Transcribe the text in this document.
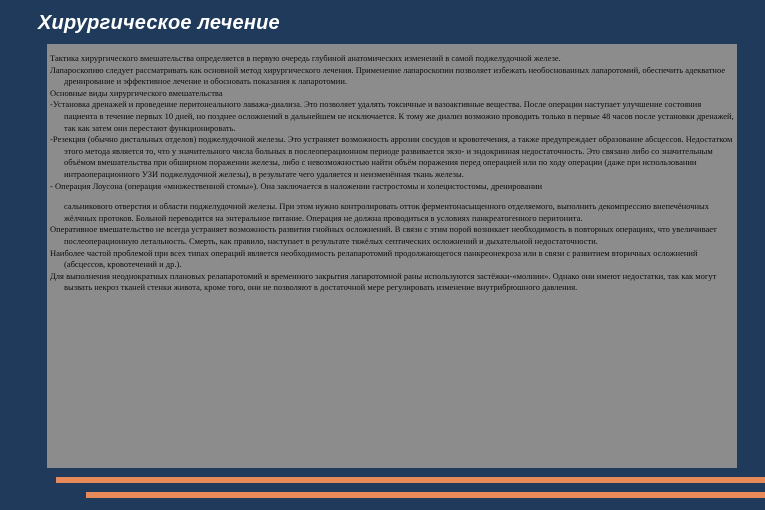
Хирургическое лечение

Тактика хирургического вмешательства определяется в первую очередь глубиной анатомических изменений в самой поджелудочной железе.

Лапароскопию следует рассматривать как основной метод хирургического лечения. Применение лапароскопии позволяет избежать необоснованных лапаротомий, обеспечить адекватное дренирование и эффективное лечение и обосновать показания к лапаротомии.

Основные виды хирургического вмешательства

-Установка дренажей и проведение перитонеального лаважа-диализа. Это позволяет удалять токсичные и вазоактивные вещества. После операции наступает улучшение состояния пациента в течение первых 10 дней, но позднее осложнений в дальнейшем не исключается. К тому же диализ возможно проводить только в первые 48 часов после установки дренажей, так как затем они перестают функционировать.

-Резекция (обычно дистальных отделов) поджелудочной железы. Это устраняет возможность аррозии сосудов и кровотечения, а также предупреждает образование абсцессов. Недостатком этого метода является то, что у значительного числа больных в послеоперационном периоде развивается экзо- и эндокринная недостаточность. Это связано либо со значительным объёмом вмешательства при обширном поражении железы, либо с невозможностью найти объём поражения перед операцией или по ходу операции (даже при использовании интраоперационного УЗИ поджелудочной железы), в результате чего удаляется и неизменённая ткань железы.

- Операция Лоусона (операция «множественной стомы»). Она заключается в наложении гастростомы и холецистостомы, дренировании

сальникового отверстия и области поджелудочной железы. При этом нужно контролировать отток ферментонасыщенного отделяемого, выполнить декомпрессию внепечёночных жёлчных протоков. Больной переводится на энтеральное питание. Операция не должна проводиться в условиях панкреатогенного перитонита.

Оперативное вмешательство не всегда устраняет возможность развития гнойных осложнений. В связи с этим порой возникает необходимость в повторных операциях, что увеличивает послеоперационную летальность. Смерть, как правило, наступает в результате тяжёлых септических осложнений и дыхательной недостаточности.

Наиболее частой проблемой при всех типах операций является необходимость релапаротомий продолжающегося панкреонекроза или в связи с развитием вторичных осложнений (абсцессов, кровотечений и др.).

Для выполнения неоднократных плановых релапаротомий и временного закрытия лапаротомной раны используются застёжки-«молнии». Однако они имеют недостатки, так как могут вызвать некроз тканей стенки живота, кроме того, они не позволяют в достаточной мере регулировать изменение внутрибрюшного давления.
